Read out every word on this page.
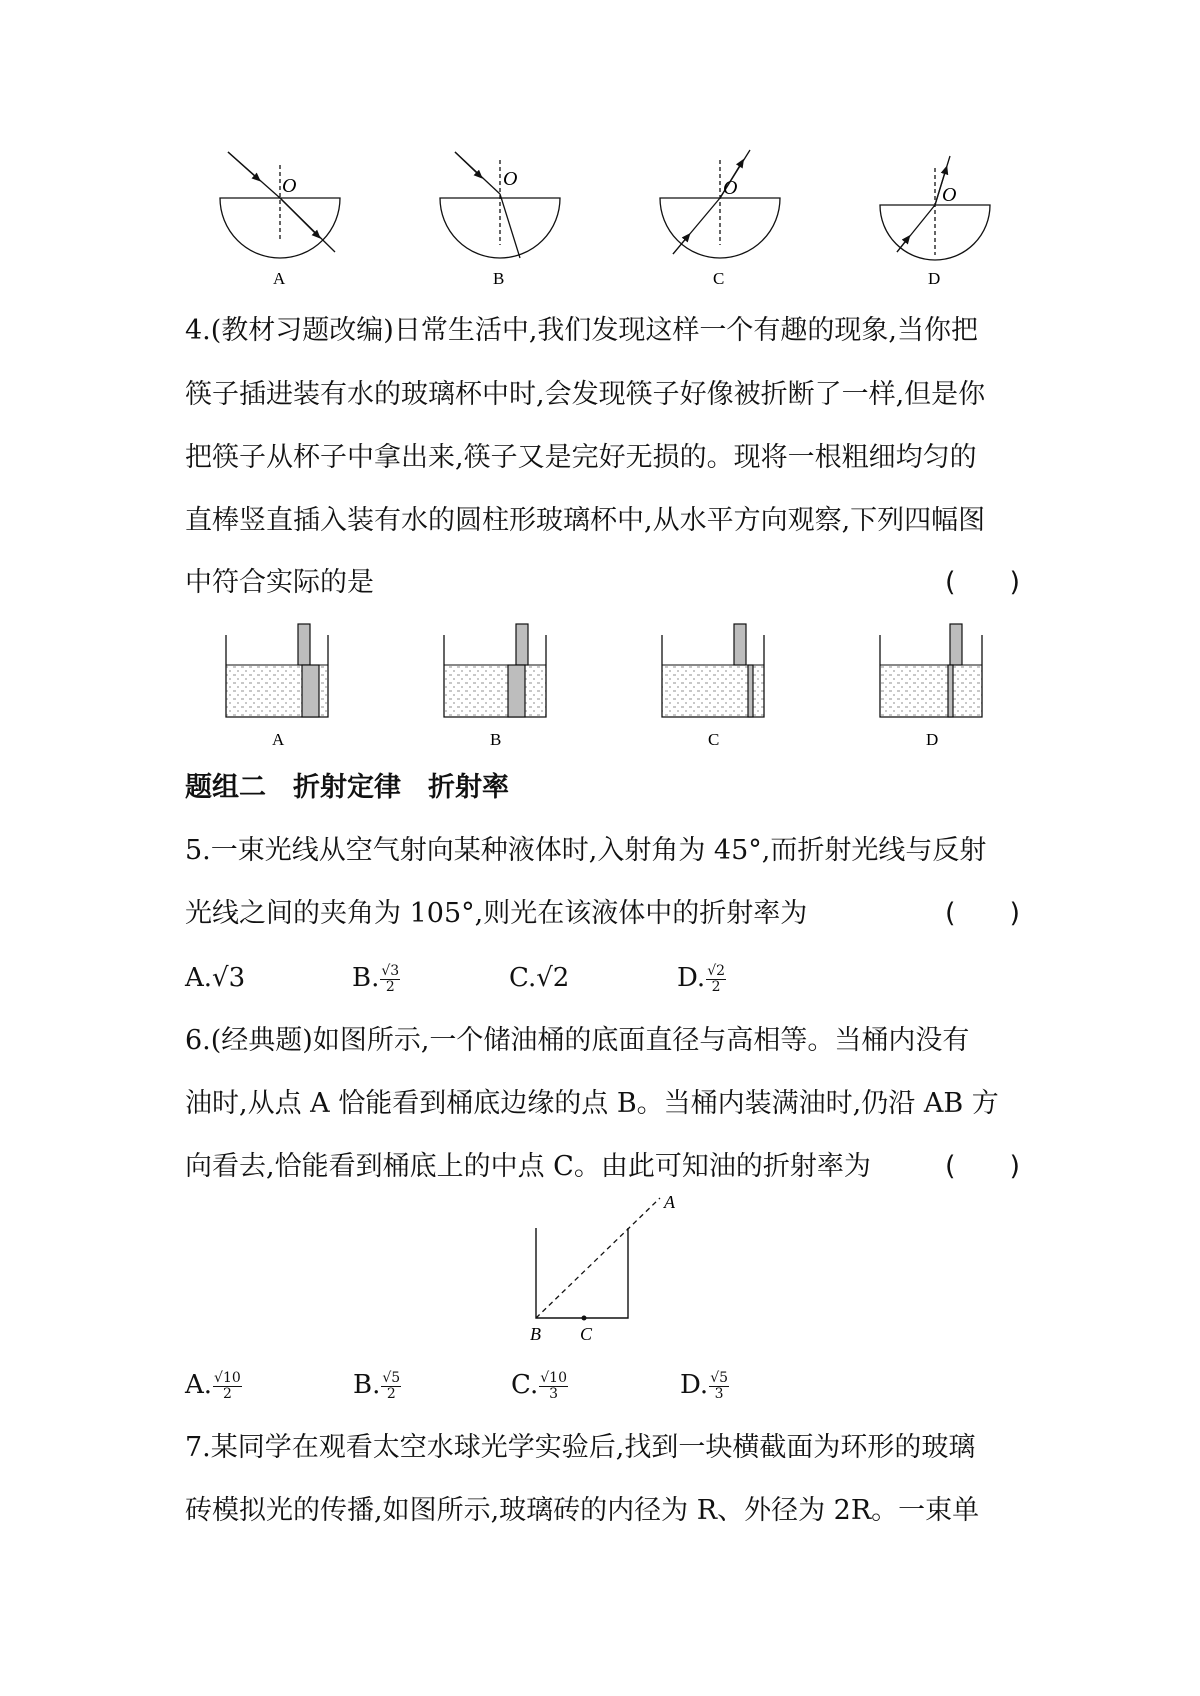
O	O	O	O
A	B	C	D
4.(教材习题改编)日常生活中,我们发现这样一个有趣的现象,当你把
筷子插进装有水的玻璃杯中时,会发现筷子好像被折断了一样,但是你
把筷子从杯子中拿出来,筷子又是完好无损的。现将一根粗细均匀的
直棒竖直插入装有水的圆柱形玻璃杯中,从水平方向观察,下列四幅图
中符合实际的是	(　　)
A	B	C	D
题组二　折射定律　折射率
5.一束光线从空气射向某种液体时,入射角为 45°,而折射光线与反射
光线之间的夹角为 105°,则光在该液体中的折射率为	(　　)
A.√3	B. $\frac{√3}{2}$	C.√2	D. $\frac{√2}{2}$
6.(经典题)如图所示,一个储油桶的底面直径与高相等。当桶内没有
油时,从点 A 恰能看到桶底边缘的点 B。当桶内装满油时,仍沿 AB 方
向看去,恰能看到桶底上的中点 C。由此可知油的折射率为	(　　)
A
B C
A. $\frac{√10}{2}$	B. $\frac{√5}{2}$	C. $\frac{√10}{3}$	D. $\frac{√5}{3}$
7.某同学在观看太空水球光学实验后,找到一块横截面为环形的玻璃
砖模拟光的传播,如图所示,玻璃砖的内径为 R、外径为 2R。一束单
